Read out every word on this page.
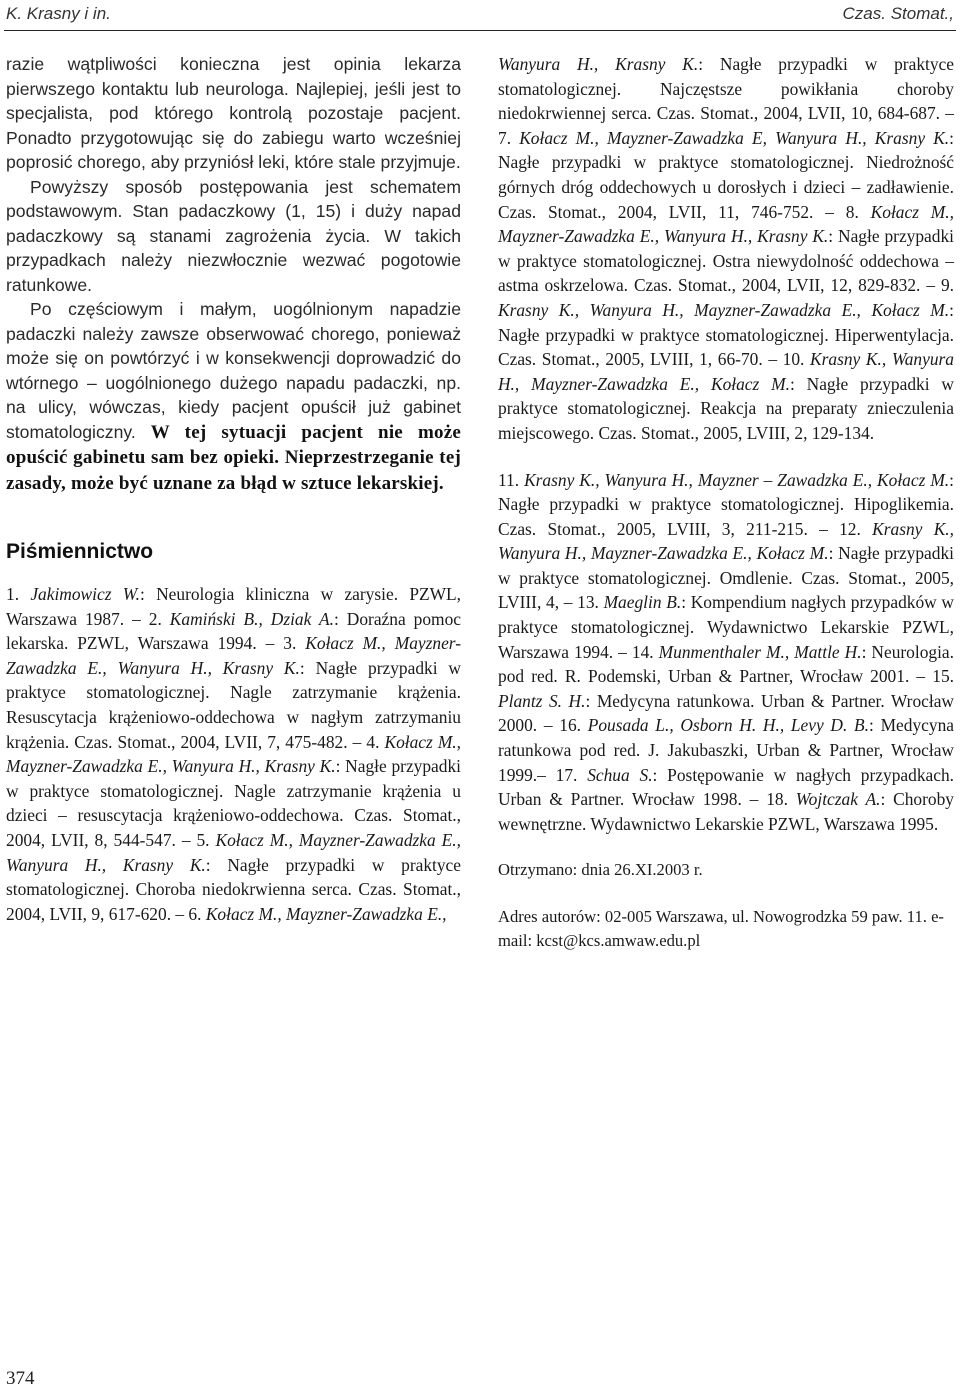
K. Krasny i in.	Czas. Stomat.,

razie wątpliwości konieczna jest opinia lekarza pierwszego kontaktu lub neurologa. Najlepiej, jeśli jest to specjalista, pod którego kontrolą pozostaje pacjent. Ponadto przygotowując się do zabiegu warto wcześniej poprosić chorego, aby przyniósł leki, które stale przyjmuje.

Powyższy sposób postępowania jest schematem podstawowym. Stan padaczkowy (1, 15) i duży napad padaczkowy są stanami zagrożenia życia. W takich przypadkach należy niezwłocznie wezwać pogotowie ratunkowe.

Po częściowym i małym, uogólnionym napadzie padaczki należy zawsze obserwować chorego, ponieważ może się on powtórzyć i w konsekwencji doprowadzić do wtórnego – uogólnionego dużego napadu padaczki, np. na ulicy, wówczas, kiedy pacjent opuścił już gabinet stomatologiczny. W tej sytuacji pacjent nie może opuścić gabinetu sam bez opieki. Nieprzestrzeganie tej zasady, może być uznane za błąd w sztuce lekarskiej.

Piśmiennictwo

1. Jakimowicz W.: Neurologia kliniczna w zarysie. PZWL, Warszawa 1987. – 2. Kamiński B., Dziak A.: Doraźna pomoc lekarska. PZWL, Warszawa 1994. – 3. Kołacz M., Mayzner-Zawadzka E., Wanyura H., Krasny K.: Nagłe przypadki w praktyce stomatologicznej. Nagle zatrzymanie krążenia. Resuscytacja krążeniowo-oddechowa w nagłym zatrzymaniu krążenia. Czas. Stomat., 2004, LVII, 7, 475-482. – 4. Kołacz M., Mayzner-Zawadzka E., Wanyura H., Krasny K.: Nagłe przypadki w praktyce stomatologicznej. Nagle zatrzymanie krążenia u dzieci – resuscytacja krążeniowo-oddechowa. Czas. Stomat., 2004, LVII, 8, 544-547. – 5. Kołacz M., Mayzner-Zawadzka E., Wanyura H., Krasny K.: Nagłe przypadki w praktyce stomatologicznej. Choroba niedokrwienna serca. Czas. Stomat., 2004, LVII, 9, 617-620. – 6. Kołacz M., Mayzner-Zawadzka E.,

Wanyura H., Krasny K.: Nagłe przypadki w praktyce stomatologicznej. Najczęstsze powikłania choroby niedokrwiennej serca. Czas. Stomat., 2004, LVII, 10, 684-687. – 7. Kołacz M., Mayzner-Zawadzka E, Wanyura H., Krasny K.: Nagłe przypadki w praktyce stomatologicznej. Niedrożność górnych dróg oddechowych u dorosłych i dzieci – zadławienie. Czas. Stomat., 2004, LVII, 11, 746-752. – 8. Kołacz M., Mayzner-Zawadzka E., Wanyura H., Krasny K.: Nagłe przypadki w praktyce stomatologicznej. Ostra niewydolność oddechowa – astma oskrzelowa. Czas. Stomat., 2004, LVII, 12, 829-832. – 9. Krasny K., Wanyura H., Mayzner-Zawadzka E., Kołacz M.: Nagłe przypadki w praktyce stomatologicznej. Hiperwentylacja. Czas. Stomat., 2005, LVIII, 1, 66-70. – 10. Krasny K., Wanyura H., Mayzner-Zawadzka E., Kołacz M.: Nagłe przypadki w praktyce stomatologicznej. Reakcja na preparaty znieczulenia miejscowego. Czas. Stomat., 2005, LVIII, 2, 129-134.

11. Krasny K., Wanyura H., Mayzner – Zawadzka E., Kołacz M.: Nagłe przypadki w praktyce stomatologicznej. Hipoglikemia. Czas. Stomat., 2005, LVIII, 3, 211-215. – 12. Krasny K., Wanyura H., Mayzner-Zawadzka E., Kołacz M.: Nagłe przypadki w praktyce stomatologicznej. Omdlenie. Czas. Stomat., 2005, LVIII, 4, – 13. Maeglin B.: Kompendium nagłych przypadków w praktyce stomatologicznej. Wydawnictwo Lekarskie PZWL, Warszawa 1994. – 14. Munmenthaler M., Mattle H.: Neurologia. pod red. R. Podemski, Urban & Partner, Wrocław 2001. – 15. Plantz S. H.: Medycyna ratunkowa. Urban & Partner. Wrocław 2000. – 16. Pousada L., Osborn H. H., Levy D. B.: Medycyna ratunkowa pod red. J. Jakubaszki, Urban & Partner, Wrocław 1999.– 17. Schua S.: Postępowanie w nagłych przypadkach. Urban & Partner. Wrocław 1998. – 18. Wojtczak A.: Choroby wewnętrzne. Wydawnictwo Lekarskie PZWL, Warszawa 1995.

Otrzymano: dnia 26.XI.2003 r.

Adres autorów: 02-005 Warszawa, ul. Nowogrodzka 59 paw. 11. e-mail: kcst@kcs.amwaw.edu.pl

374
